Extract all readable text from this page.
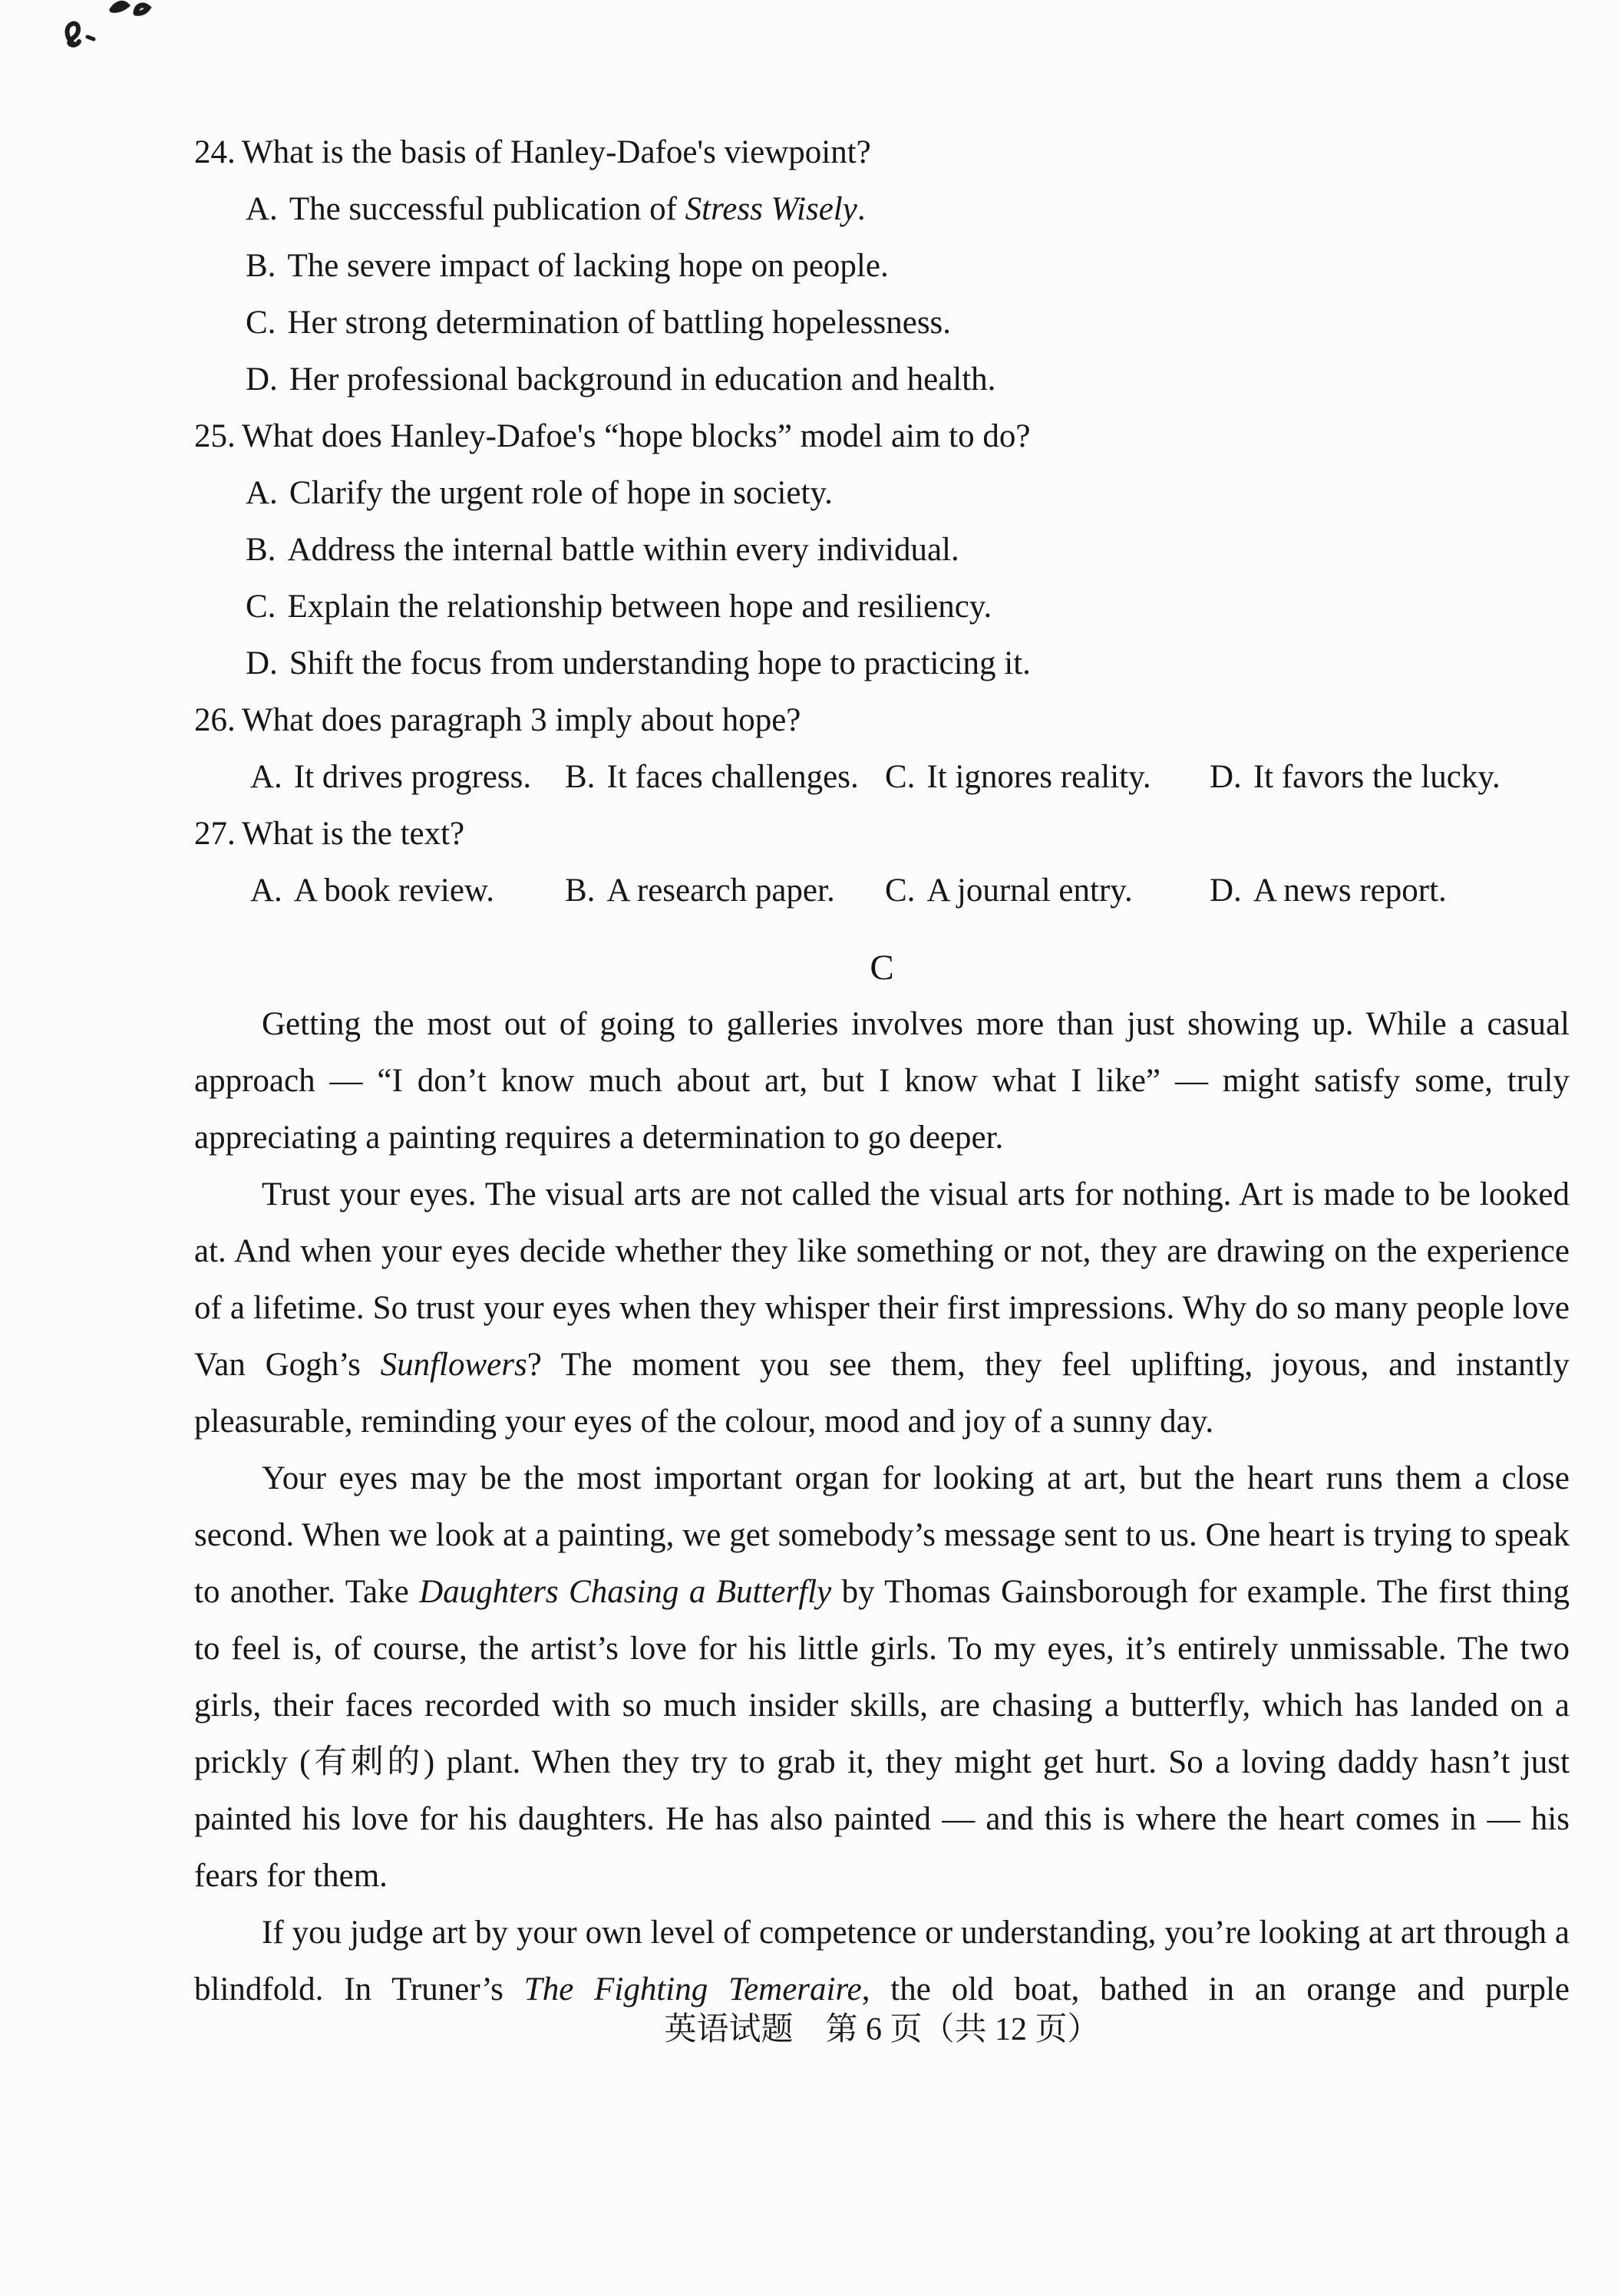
24. What is the basis of Hanley-Dafoe's viewpoint?
A. The successful publication of Stress Wisely.
B. The severe impact of lacking hope on people.
C. Her strong determination of battling hopelessness.
D. Her professional background in education and health.
25. What does Hanley-Dafoe's “hope blocks” model aim to do?
A. Clarify the urgent role of hope in society.
B. Address the internal battle within every individual.
C. Explain the relationship between hope and resiliency.
D. Shift the focus from understanding hope to practicing it.
26. What does paragraph 3 imply about hope?
A. It drives progress. B. It faces challenges. C. It ignores reality. D. It favors the lucky.
27. What is the text?
A. A book review. B. A research paper. C. A journal entry. D. A news report.
C

Getting the most out of going to galleries involves more than just showing up. While a casual approach — “I don’t know much about art, but I know what I like” — might satisfy some, truly appreciating a painting requires a determination to go deeper.

Trust your eyes. The visual arts are not called the visual arts for nothing. Art is made to be looked at. And when your eyes decide whether they like something or not, they are drawing on the experience of a lifetime. So trust your eyes when they whisper their first impressions. Why do so many people love Van Gogh’s Sunflowers? The moment you see them, they feel uplifting, joyous, and instantly pleasurable, reminding your eyes of the colour, mood and joy of a sunny day.

Your eyes may be the most important organ for looking at art, but the heart runs them a close second. When we look at a painting, we get somebody’s message sent to us. One heart is trying to speak to another. Take Daughters Chasing a Butterfly by Thomas Gainsborough for example. The first thing to feel is, of course, the artist’s love for his little girls. To my eyes, it’s entirely unmissable. The two girls, their faces recorded with so much insider skills, are chasing a butterfly, which has landed on a prickly (有刺的) plant. When they try to grab it, they might get hurt. So a loving daddy hasn’t just painted his love for his daughters. He has also painted — and this is where the heart comes in — his fears for them.

If you judge art by your own level of competence or understanding, you’re looking at art through a blindfold. In Truner’s The Fighting Temeraire, the old boat, bathed in an orange and purple

英语试题　第 6 页（共 12 页）
